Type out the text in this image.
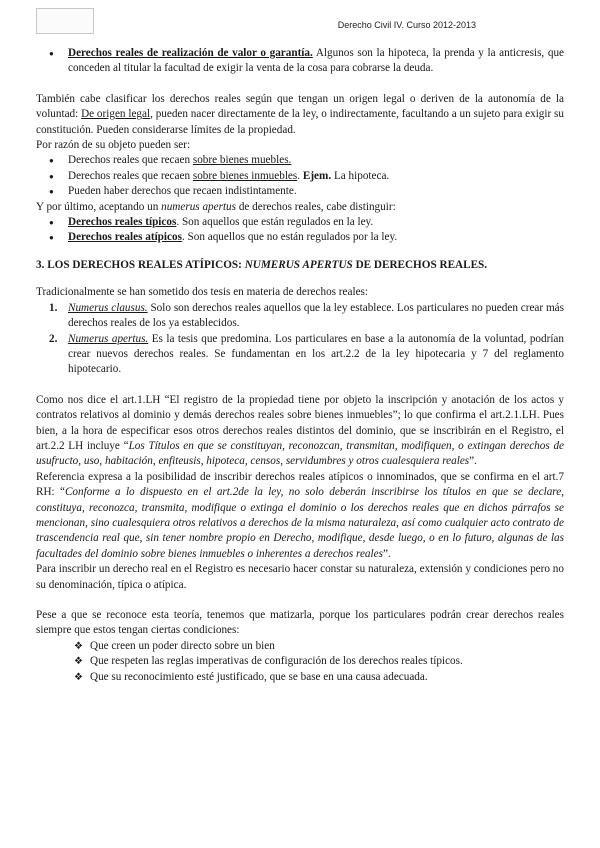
Derecho Civil IV. Curso 2012-2013
● Derechos reales de realización de valor o garantía. Algunos son la hipoteca, la prenda y la anticresis, que conceden al titular la facultad de exigir la venta de la cosa para cobrarse la deuda.

También cabe clasificar los derechos reales según que tengan un origen legal o deriven de la autonomía de la voluntad: De origen legal, pueden nacer directamente de la ley, o indirectamente, facultando a un sujeto para exigir su constitución. Pueden considerarse límites de la propiedad.

Por razón de su objeto pueden ser:

● Derechos reales que recaen sobre bienes muebles.
● Derechos reales que recaen sobre bienes inmuebles. Ejem. La hipoteca.
● Pueden haber derechos que recaen indistintamente.

Y por último, aceptando un numerus apertus de derechos reales, cabe distinguir:

● Derechos reales típicos. Son aquellos que están regulados en la ley.
● Derechos reales atípicos. Son aquellos que no están regulados por la ley.
3. LOS DERECHOS REALES ATÍPICOS: NUMERUS APERTUS DE DERECHOS REALES.

Tradicionalmente se han sometido dos tesis en materia de derechos reales:

1. Numerus clausus. Solo son derechos reales aquellos que la ley establece. Los particulares no pueden crear más derechos reales de los ya establecidos.
2. Numerus apertus. Es la tesis que predomina. Los particulares en base a la autonomía de la voluntad, podrían crear nuevos derechos reales. Se fundamentan en los art.2.2 de la ley hipotecaria y 7 del reglamento hipotecario.

Como nos dice el art.1.LH “El registro de la propiedad tiene por objeto la inscripción y anotación de los actos y contratos relativos al dominio y demás derechos reales sobre bienes inmuebles”; lo que confirma el art.2.1.LH. Pues bien, a la hora de especificar esos otros derechos reales distintos del dominio, que se inscribirán en el Registro, el art.2.2 LH incluye “Los Títulos en que se constituyan, reconozcan, transmitan, modifiquen, o extingan derechos de usufructo, uso, habitación, enfiteusis, hipoteca, censos, servidumbres y otros cualesquiera reales”.

Referencia expresa a la posibilidad de inscribir derechos reales atípicos o innominados, que se confirma en el art.7 RH: “Conforme a lo dispuesto en el art.2de la ley, no solo deberán inscribirse los títulos en que se declare, constituya, reconozca, transmita, modifique o extinga el dominio o los derechos reales que en dichos párrafos se mencionan, sino cualesquiera otros relativos a derechos de la misma naturaleza, así como cualquier acto contrato de trascendencia real que, sin tener nombre propio en Derecho, modifique, desde luego, o en lo futuro, algunas de las facultades del dominio sobre bienes inmuebles o inherentes a derechos reales”.

Para inscribir un derecho real en el Registro es necesario hacer constar su naturaleza, extensión y condiciones pero no su denominación, típica o atípica.

Pese a que se reconoce esta teoría, tenemos que matizarla, porque los particulares podrán crear derechos reales siempre que estos tengan ciertas condiciones:

❖ Que creen un poder directo sobre un bien
❖ Que respeten las reglas imperativas de configuración de los derechos reales típicos.
❖ Que su reconocimiento esté justificado, que se base en una causa adecuada.
